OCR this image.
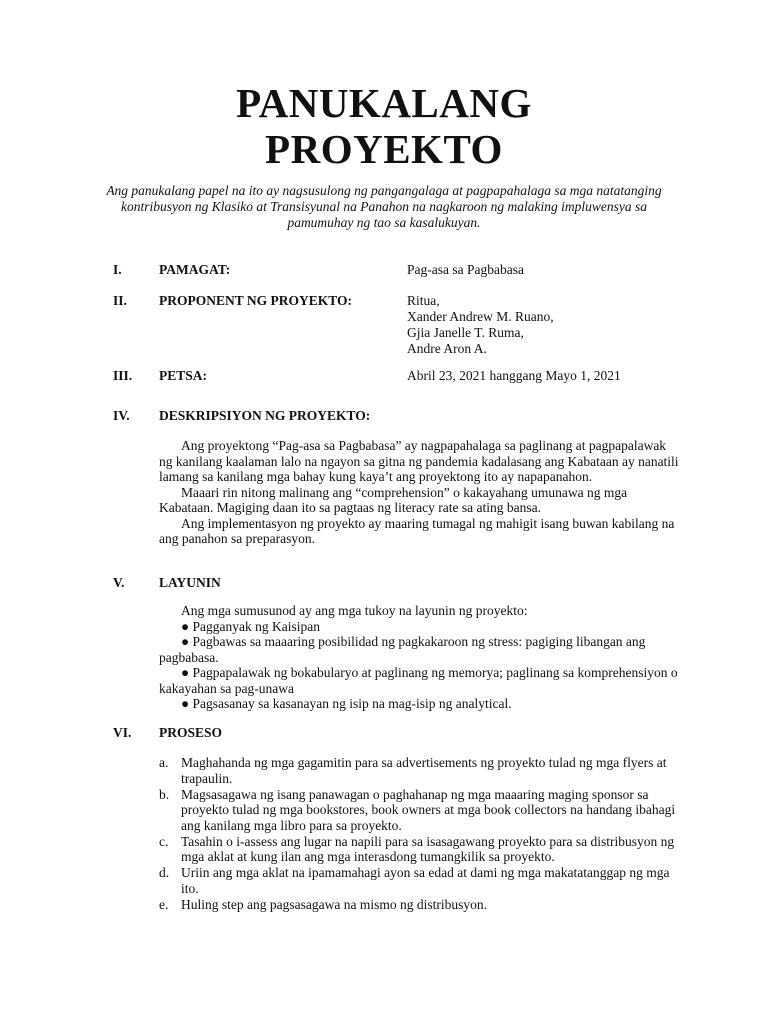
PANUKALANG
PROYEKTO
Ang panukalang papel na ito ay nagsusulong ng pangangalaga at pagpapahalaga sa mga natatanging kontribusyon ng Klasiko at Transisyunal na Panahon na nagkaroon ng malaking impluwensya sa pamumuhay ng tao sa kasalukuyan.
I.	PAMAGAT:	Pag-asa sa Pagbabasa
II. PROPONENT NG PROYEKTO:	Ritua,
Xander Andrew M. Ruano,
Gjia Janelle T. Ruma,
Andre Aron A.
III. PETSA:	Abril 23, 2021 hanggang Mayo 1, 2021
IV. DESKRIPSIYON NG PROYEKTO:

Ang proyektong “Pag-asa sa Pagbabasa” ay nagpapahalaga sa paglinang at pagpapalawak ng kanilang kaalaman lalo na ngayon sa gitna ng pandemia kadalasang ang Kabataan ay nanatili lamang sa kanilang mga bahay kung kaya’t ang proyektong ito ay napapanahon.

Maaari rin nitong malinang ang “comprehension” o kakayahang umunawa ng mga Kabataan. Magiging daan ito sa pagtaas ng literacy rate sa ating bansa.

Ang implementasyon ng proyekto ay maaring tumagal ng mahigit isang buwan kabilang na ang panahon sa preparasyon.

V.	LAYUNIN

Ang mga sumusunod ay ang mga tukoy na layunin ng proyekto:

● Pagganyak ng Kaisipan

● Pagbawas sa maaaring posibilidad ng pagkakaroon ng stress: pagiging libangan ang pagbabasa.

● Pagpapalawak ng bokabularyo at paglinang ng memorya; paglinang sa komprehensiyon o kakayahan sa pag-unawa

● Pagsasanay sa kasanayan ng isip na mag-isip ng analytical.

VI. PROSESO
a. Maghahanda ng mga gagamitin para sa advertisements ng proyekto tulad ng mga flyers at trapaulin.
b. Magsasagawa ng isang panawagan o paghahanap ng mga maaaring maging sponsor sa proyekto tulad ng mga bookstores, book owners at mga book collectors na handang ibahagi ang kanilang mga libro para sa proyekto.
c. Tasahin o i-assess ang lugar na napili para sa isasagawang proyekto para sa distribusyon ng mga aklat at kung ilan ang mga interasdong tumangkilik sa proyekto.
d. Uriin ang mga aklat na ipamamahagi ayon sa edad at dami ng mga makatatanggap ng mga ito.
e. Huling step ang pagsasagawa na mismo ng distribusyon.
